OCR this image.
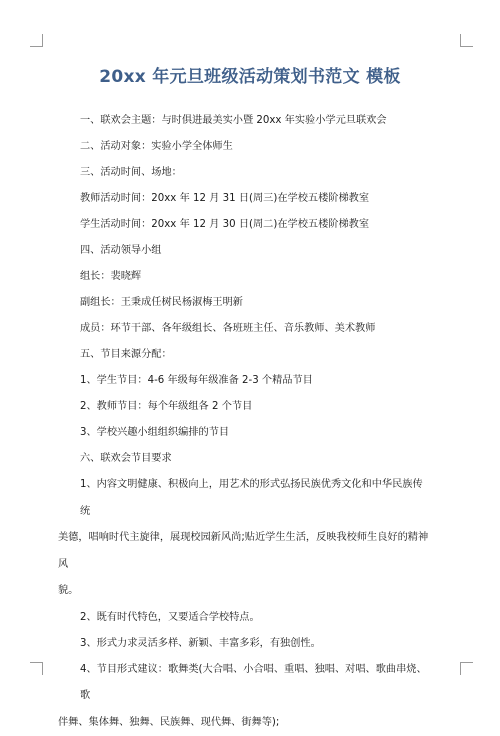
20xx 年元旦班级活动策划书范文 模板

一、联欢会主题：与时俱进最美实小暨 20xx 年实验小学元旦联欢会

二、活动对象：实验小学全体师生

三、活动时间、场地：

教师活动时间：20xx 年 12 月 31 日(周三)在学校五楼阶梯教室

学生活动时间：20xx 年 12 月 30 日(周二)在学校五楼阶梯教室

四、活动领导小组

组长：裴晓辉

副组长：王秉成任树民杨淑梅王明新

成员：环节干部、各年级组长、各班班主任、音乐教师、美术教师

五、节目来源分配：

1、学生节目：4-6 年级每年级准备 2-3 个精品节目

2、教师节目：每个年级组各 2 个节目

3、学校兴趣小组组织编排的节目

六、联欢会节目要求

1、内容文明健康、积极向上，用艺术的形式弘扬民族优秀文化和中华民族传统
美德，唱响时代主旋律，展现校园新风尚;贴近学生生活，反映我校师生良好的精神风
貌。

2、既有时代特色，又要适合学校特点。

3、形式力求灵活多样、新颖、丰富多彩，有独创性。

4、节目形式建议：歌舞类(大合唱、小合唱、重唱、独唱、对唱、歌曲串烧、歌
伴舞、集体舞、独舞、民族舞、现代舞、街舞等);
